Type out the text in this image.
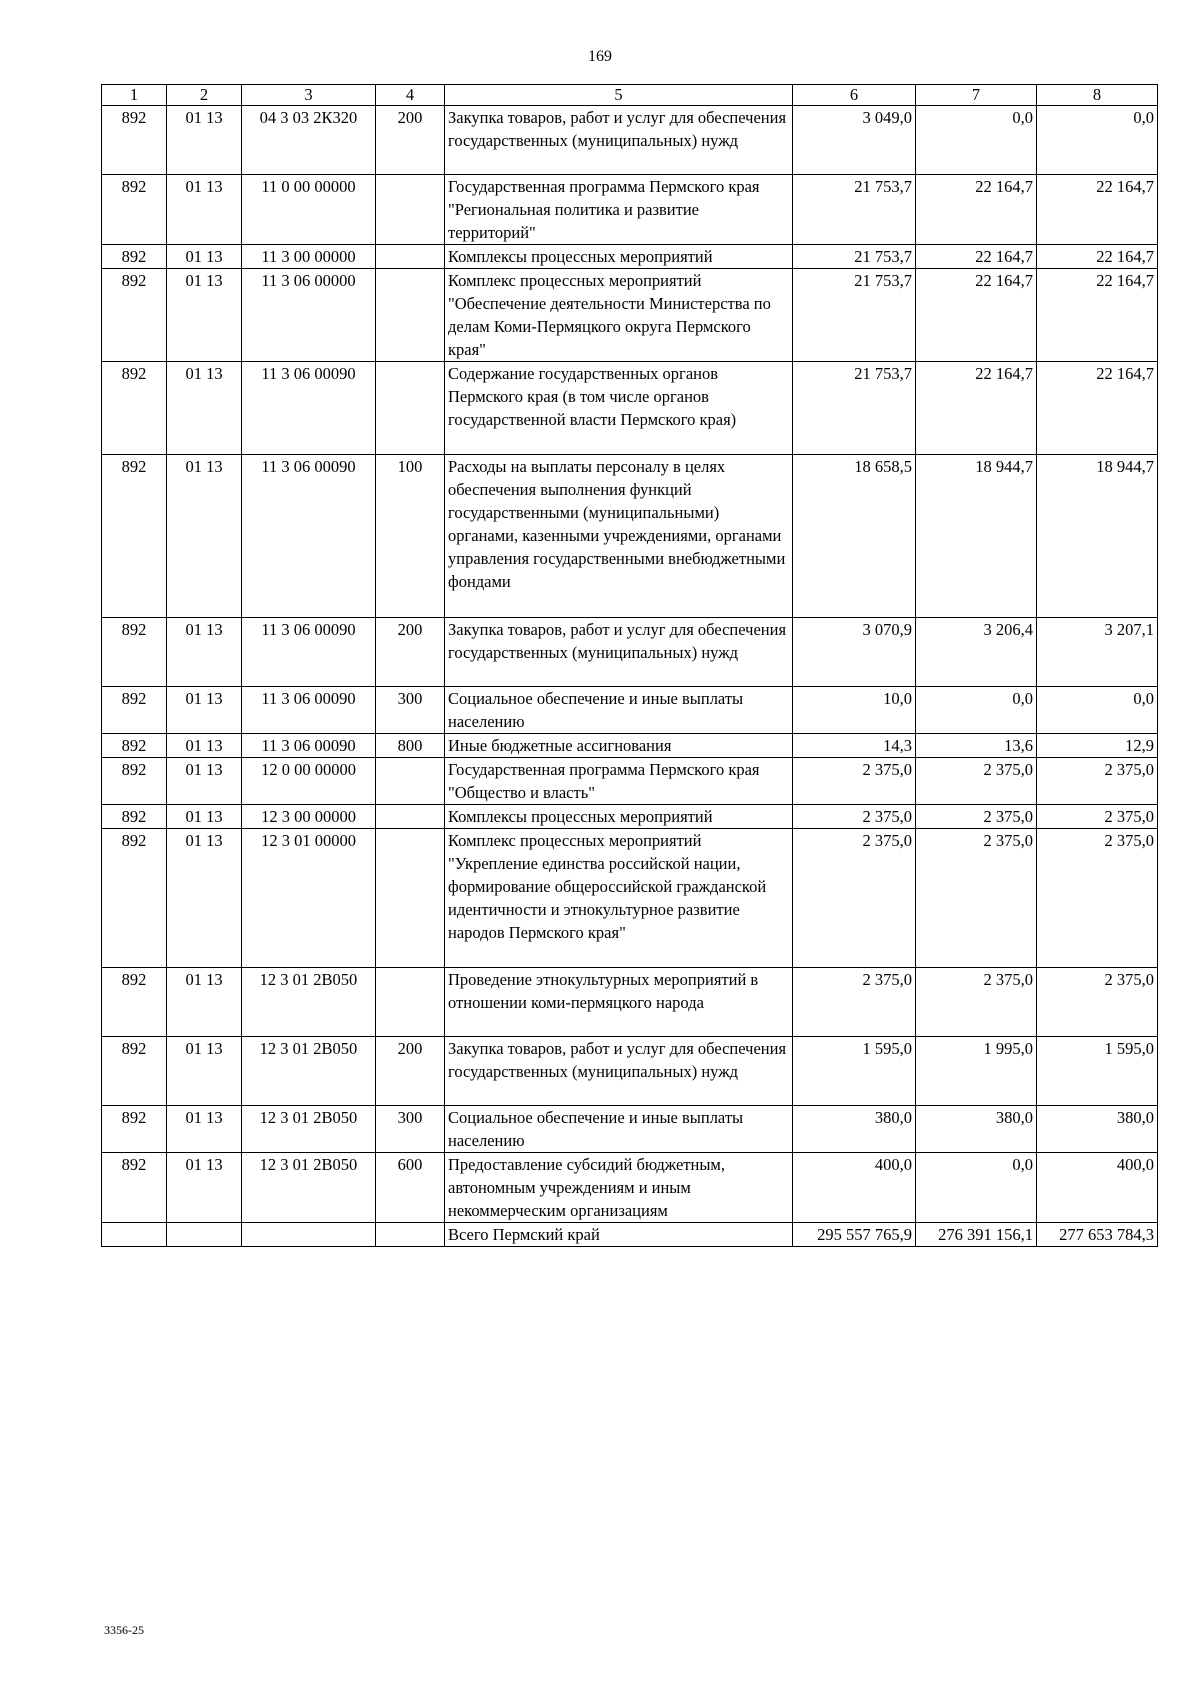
169
1	2	3	4	5	6	7	8
892	01 13	04 3 03 2К320	200	Закупка товаров, работ и услуг для обеспечения государственных (муниципальных) нужд	3 049,0	0,0	0,0
892	01 13	11 0 00 00000		Государственная программа Пермского края "Региональная политика и развитие территорий"	21 753,7	22 164,7	22 164,7
892	01 13	11 3 00 00000		Комплексы процессных мероприятий	21 753,7	22 164,7	22 164,7
892	01 13	11 3 06 00000		Комплекс процессных мероприятий "Обеспечение деятельности Министерства по делам Коми-Пермяцкого округа Пермского края"	21 753,7	22 164,7	22 164,7
892	01 13	11 3 06 00090		Содержание государственных органов Пермского края (в том числе органов государственной власти Пермского края)	21 753,7	22 164,7	22 164,7
892	01 13	11 3 06 00090	100	Расходы на выплаты персоналу в целях обеспечения выполнения функций государственными (муниципальными) органами, казенными учреждениями, органами управления государственными внебюджетными фондами	18 658,5	18 944,7	18 944,7
892	01 13	11 3 06 00090	200	Закупка товаров, работ и услуг для обеспечения государственных (муниципальных) нужд	3 070,9	3 206,4	3 207,1
892	01 13	11 3 06 00090	300	Социальное обеспечение и иные выплаты населению	10,0	0,0	0,0
892	01 13	11 3 06 00090	800	Иные бюджетные ассигнования	14,3	13,6	12,9
892	01 13	12 0 00 00000		Государственная программа Пермского края "Общество и власть"	2 375,0	2 375,0	2 375,0
892	01 13	12 3 00 00000		Комплексы процессных мероприятий	2 375,0	2 375,0	2 375,0
892	01 13	12 3 01 00000		Комплекс процессных мероприятий "Укрепление единства российской нации, формирование общероссийской гражданской идентичности и этнокультурное развитие народов Пермского края"	2 375,0	2 375,0	2 375,0
892	01 13	12 3 01 2В050		Проведение этнокультурных мероприятий в отношении коми-пермяцкого народа	2 375,0	2 375,0	2 375,0
892	01 13	12 3 01 2В050	200	Закупка товаров, работ и услуг для обеспечения государственных (муниципальных) нужд	1 595,0	1 995,0	1 595,0
892	01 13	12 3 01 2В050	300	Социальное обеспечение и иные выплаты населению	380,0	380,0	380,0
892	01 13	12 3 01 2В050	600	Предоставление субсидий бюджетным, автономным учреждениям и иным некоммерческим организациям	400,0	0,0	400,0
				Всего Пермский край	295 557 765,9	276 391 156,1	277 653 784,3
3356-25
